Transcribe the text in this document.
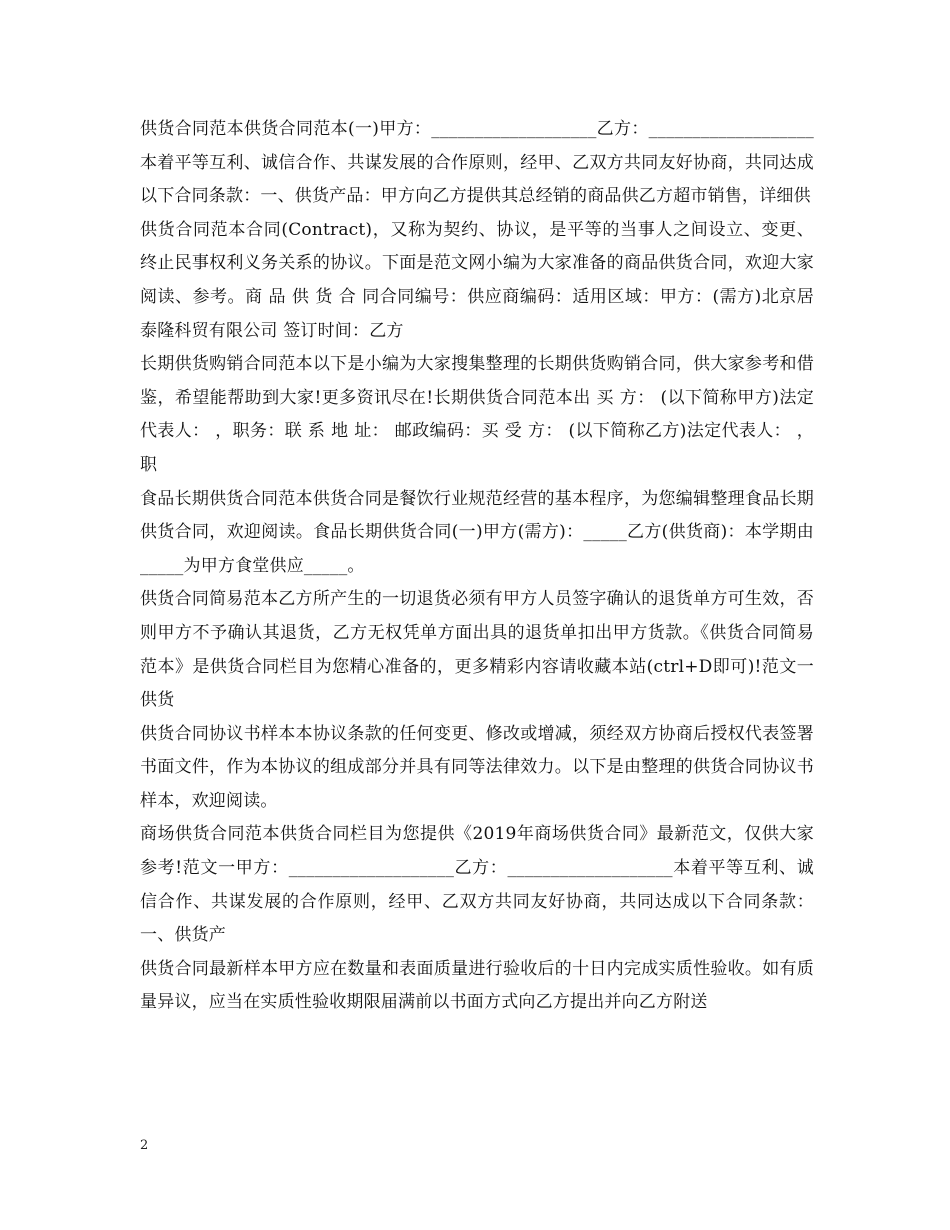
供货合同范本供货合同范本(一)甲方：___________________乙方：___________________本着平等互利、诚信合作、共谋发展的合作原则，经甲、乙双方共同友好协商，共同达成以下合同条款：一、供货产品：甲方向乙方提供其总经销的商品供乙方超市销售，详细供

供货合同范本合同(Contract)，又称为契约、协议，是平等的当事人之间设立、变更、终止民事权利义务关系的协议。下面是范文网小编为大家准备的商品供货合同，欢迎大家阅读、参考。商 品 供 货 合 同合同编号：供应商编码：适用区域：甲方：(需方)北京居泰隆科贸有限公司 签订时间：乙方

长期供货购销合同范本以下是小编为大家搜集整理的长期供货购销合同，供大家参考和借鉴，希望能帮助到大家!更多资讯尽在!长期供货合同范本出 买 方： (以下简称甲方)法定代表人： ，职务：联 系 地 址： 邮政编码：买 受 方： (以下简称乙方)法定代表人： ，职

食品长期供货合同范本供货合同是餐饮行业规范经营的基本程序，为您编辑整理食品长期供货合同，欢迎阅读。食品长期供货合同(一)甲方(需方)：_____乙方(供货商)：本学期由_____为甲方食堂供应_____。

供货合同简易范本乙方所产生的一切退货必须有甲方人员签字确认的退货单方可生效，否则甲方不予确认其退货，乙方无权凭单方面出具的退货单扣出甲方货款。《供货合同简易范本》是供货合同栏目为您精心准备的，更多精彩内容请收藏本站(ctrl+D即可)!范文一供货

供货合同协议书样本本协议条款的任何变更、修改或增减，须经双方协商后授权代表签署书面文件，作为本协议的组成部分并具有同等法律效力。以下是由整理的供货合同协议书样本，欢迎阅读。

商场供货合同范本供货合同栏目为您提供《2019年商场供货合同》最新范文，仅供大家参考!范文一甲方：___________________乙方：___________________本着平等互利、诚信合作、共谋发展的合作原则，经甲、乙双方共同友好协商，共同达成以下合同条款：一、供货产

供货合同最新样本甲方应在数量和表面质量进行验收后的十日内完成实质性验收。如有质量异议，应当在实质性验收期限届满前以书面方式向乙方提出并向乙方附送

2
